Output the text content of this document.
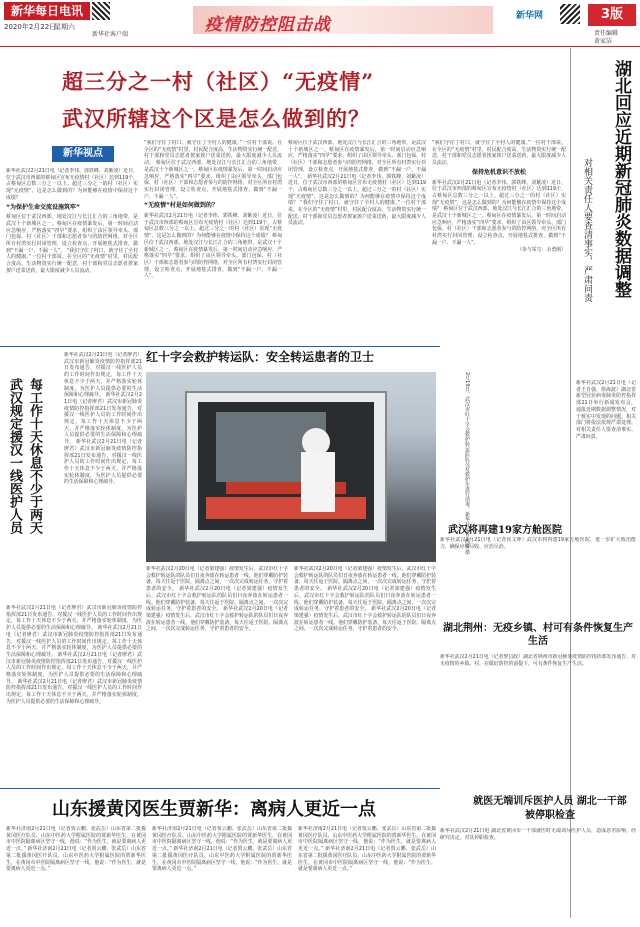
新华每日电讯
2020年2月22日
星期六
新华社客户端	疫情防控阻击战	新华网	3版
责任编辑
黄家洁
超三分之一村（社区）“无疫情”
武汉所辖这个区是怎么做到的？
新华视点
新华社武汉2月21日电（记者李伟、郭铁峰、刘紫凌）近日，位于武汉市西部的蔡甸区宣布无疫情村（社区）达到119个，占蔡甸区总数三分之一以上。超过三分之一的村（社区）实现“无疫情”，这是怎么做到的？为何能够在疫情中保持这个成绩？
“为保护生命交流设施筑牢”
蔡甸区位于武汉西部，地处汉江与长江汇合的三角地带，是武汉十个新城区之一。蔡甸区在疫情暴发后，第一时间启动应急响应，严格落实“四早”要求，组织了由区领导牵头、部门包保、村（社区）干部和志愿者参与的防控网络，对全区所有村湾实行封闭管理，设立检查点，开展地毯式排查，做到“不漏一户、不漏一人”。 “我们守住了村口，就守住了全村人的健康。”一位村干部说。在全区的“无疫情”村里，村民配合度高，生活物资实行统一配送，村干部和党员志愿者挨家挨户送菜送药，最大限度减少人员流动。
“我们守住了村口，就守住了全村人的健康。”一位村干部说。在全区的“无疫情”村里，村民配合度高，生活物资实行统一配送，村干部和党员志愿者挨家挨户送菜送药，最大限度减少人员流动。 蔡甸区位于武汉西部，地处汉江与长江汇合的三角地带，是武汉十个新城区之一。蔡甸区在疫情暴发后，第一时间启动应急响应，严格落实“四早”要求，组织了由区领导牵头、部门包保、村（社区）干部和志愿者参与的防控网络，对全区所有村湾实行封闭管理，设立检查点，开展地毯式排查，做到“不漏一户、不漏一人”。
“无疫情”村是如何做到的？
新华社武汉2月21日电（记者李伟、郭铁峰、刘紫凌）近日，位于武汉市西部的蔡甸区宣布无疫情村（社区）达到119个，占蔡甸区总数三分之一以上。超过三分之一的村（社区）实现“无疫情”，这是怎么做到的？为何能够在疫情中保持这个成绩？ 蔡甸区位于武汉西部，地处汉江与长江汇合的三角地带，是武汉十个新城区之一。蔡甸区在疫情暴发后，第一时间启动应急响应，严格落实“四早”要求，组织了由区领导牵头、部门包保、村（社区）干部和志愿者参与的防控网络，对全区所有村湾实行封闭管理，设立检查点，开展地毯式排查，做到“不漏一户、不漏一人”。
蔡甸区位于武汉西部，地处汉江与长江汇合的三角地带，是武汉十个新城区之一。蔡甸区在疫情暴发后，第一时间启动应急响应，严格落实“四早”要求，组织了由区领导牵头、部门包保、村（社区）干部和志愿者参与的防控网络，对全区所有村湾实行封闭管理，设立检查点，开展地毯式排查，做到“不漏一户、不漏一人”。 新华社武汉2月21日电（记者李伟、郭铁峰、刘紫凌）近日，位于武汉市西部的蔡甸区宣布无疫情村（社区）达到119个，占蔡甸区总数三分之一以上。超过三分之一的村（社区）实现“无疫情”，这是怎么做到的？为何能够在疫情中保持这个成绩？ “我们守住了村口，就守住了全村人的健康。”一位村干部说。在全区的“无疫情”村里，村民配合度高，生活物资实行统一配送，村干部和党员志愿者挨家挨户送菜送药，最大限度减少人员流动。
“我们守住了村口，就守住了全村人的健康。”一位村干部说。在全区的“无疫情”村里，村民配合度高，生活物资实行统一配送，村干部和党员志愿者挨家挨户送菜送药，最大限度减少人员流动。
保持危机意识不放松
新华社武汉2月21日电（记者李伟、郭铁峰、刘紫凌）近日，位于武汉市西部的蔡甸区宣布无疫情村（社区）达到119个，占蔡甸区总数三分之一以上。超过三分之一的村（社区）实现“无疫情”，这是怎么做到的？为何能够在疫情中保持这个成绩？ 蔡甸区位于武汉西部，地处汉江与长江汇合的三角地带，是武汉十个新城区之一。蔡甸区在疫情暴发后，第一时间启动应急响应，严格落实“四早”要求，组织了由区领导牵头、部门包保、村（社区）干部和志愿者参与的防控网络，对全区所有村湾实行封闭管理，设立检查点，开展地毯式排查，做到“不漏一户、不漏一人”。
（参与采写：余勇刚）	湖北回应近期新冠肺炎数据调整
对相关责任人要查清事实、严肃问责
新华社武汉2月21日电（记者王自强、徐海波）湖北省新型冠状病毒肺炎防控指挥部21日举行新闻发布会，通报近期数据调整情况，对于核实中发现的问题，相关部门将依法依规严肃处理，对相关责任人要查清事实、严肃问责。
武汉将再建19家方舱医院
新华社武汉2月21日电（记者侯文坤）武汉市将再建19家方舱医院，进一步扩大收治能力，确保应收尽收、应治尽治。
湖北荆州：无疫乡镇、村可有条件恢复生产生活
新华社武汉2月21日电（记者黎昌政）湖北省荆州市新冠肺炎疫情防控指挥部发布通告，对无疫情的乡镇、村，在做好防控的前提下，可有条件恢复生产生活。
就医无端训斥医护人员 湖北一干部被停职检查
新华社武汉2月21日电 湖北省黄冈市一干部就医时无端训斥医护人员，造成恶劣影响，经研究决定，对其停职检查。
武汉规定援汉一线医护人员 每工作十天休息不少于两天
新华社武汉2月21日电（记者廖君）武汉市新冠肺炎疫情防控指挥部21日发布通告，对援汉一线医护人员的工作时间作出规定，每工作十天休息不少于两天，并严格落实轮休制度，为医护人员提供必要的生活保障和心理疏导。 新华社武汉2月21日电（记者廖君）武汉市新冠肺炎疫情防控指挥部21日发布通告，对援汉一线医护人员的工作时间作出规定，每工作十天休息不少于两天，并严格落实轮休制度，为医护人员提供必要的生活保障和心理疏导。 新华社武汉2月21日电（记者廖君）武汉市新冠肺炎疫情防控指挥部21日发布通告，对援汉一线医护人员的工作时间作出规定，每工作十天休息不少于两天，并严格落实轮休制度，为医护人员提供必要的生活保障和心理疏导。
新华社武汉2月21日电（记者廖君）武汉市新冠肺炎疫情防控指挥部21日发布通告，对援汉一线医护人员的工作时间作出规定，每工作十天休息不少于两天，并严格落实轮休制度，为医护人员提供必要的生活保障和心理疏导。 新华社武汉2月21日电（记者廖君）武汉市新冠肺炎疫情防控指挥部21日发布通告，对援汉一线医护人员的工作时间作出规定，每工作十天休息不少于两天，并严格落实轮休制度，为医护人员提供必要的生活保障和心理疏导。 新华社武汉2月21日电（记者廖君）武汉市新冠肺炎疫情防控指挥部21日发布通告，对援汉一线医护人员的工作时间作出规定，每工作十天休息不少于两天，并严格落实轮休制度，为医护人员提供必要的生活保障和心理疏导。 新华社武汉2月21日电（记者廖君）武汉市新冠肺炎疫情防控指挥部21日发布通告，对援汉一线医护人员的工作时间作出规定，每工作十天休息不少于两天，并严格落实轮休制度，为医护人员提供必要的生活保障和心理疏导。
红十字会救护转运队：安全转运患者的卫士
2月19日，武汉市红十字会救护转运队队员对救护车进行消毒。新华社记者 熊琦 摄
新华社武汉2月20日电（记者梁建强）疫情发生后，武汉市红十字会救护转运队的队员们日夜奔波在转运患者一线。他们穿戴防护装备，每天往返于医院、隔离点之间，一次次完成转运任务，守护着患者的安全。 新华社武汉2月20日电（记者梁建强）疫情发生后，武汉市红十字会救护转运队的队员们日夜奔波在转运患者一线。他们穿戴防护装备，每天往返于医院、隔离点之间，一次次完成转运任务，守护着患者的安全。 新华社武汉2月20日电（记者梁建强）疫情发生后，武汉市红十字会救护转运队的队员们日夜奔波在转运患者一线。他们穿戴防护装备，每天往返于医院、隔离点之间，一次次完成转运任务，守护着患者的安全。
新华社武汉2月20日电（记者梁建强）疫情发生后，武汉市红十字会救护转运队的队员们日夜奔波在转运患者一线。他们穿戴防护装备，每天往返于医院、隔离点之间，一次次完成转运任务，守护着患者的安全。 新华社武汉2月20日电（记者梁建强）疫情发生后，武汉市红十字会救护转运队的队员们日夜奔波在转运患者一线。他们穿戴防护装备，每天往返于医院、隔离点之间，一次次完成转运任务，守护着患者的安全。 新华社武汉2月20日电（记者梁建强）疫情发生后，武汉市红十字会救护转运队的队员们日夜奔波在转运患者一线。他们穿戴防护装备，每天往返于医院、隔离点之间，一次次完成转运任务，守护着患者的安全。
山东援黄冈医生贾新华：离病人更近一点
新华社济南2月21日电（记者贾云鹏、张武岳）山东省第二批援黄冈医疗队员、山东中医药大学附属医院的贾新华医生，在黄冈市中医院隔离病区坚守一线，他说：“作为医生，就是要离病人更近一点。” 新华社济南2月21日电（记者贾云鹏、张武岳）山东省第二批援黄冈医疗队员、山东中医药大学附属医院的贾新华医生，在黄冈市中医院隔离病区坚守一线，他说：“作为医生，就是要离病人更近一点。”
新华社济南2月21日电（记者贾云鹏、张武岳）山东省第二批援黄冈医疗队员、山东中医药大学附属医院的贾新华医生，在黄冈市中医院隔离病区坚守一线，他说：“作为医生，就是要离病人更近一点。” 新华社济南2月21日电（记者贾云鹏、张武岳）山东省第二批援黄冈医疗队员、山东中医药大学附属医院的贾新华医生，在黄冈市中医院隔离病区坚守一线，他说：“作为医生，就是要离病人更近一点。”
新华社济南2月21日电（记者贾云鹏、张武岳）山东省第二批援黄冈医疗队员、山东中医药大学附属医院的贾新华医生，在黄冈市中医院隔离病区坚守一线，他说：“作为医生，就是要离病人更近一点。” 新华社济南2月21日电（记者贾云鹏、张武岳）山东省第二批援黄冈医疗队员、山东中医药大学附属医院的贾新华医生，在黄冈市中医院隔离病区坚守一线，他说：“作为医生，就是要离病人更近一点。”
